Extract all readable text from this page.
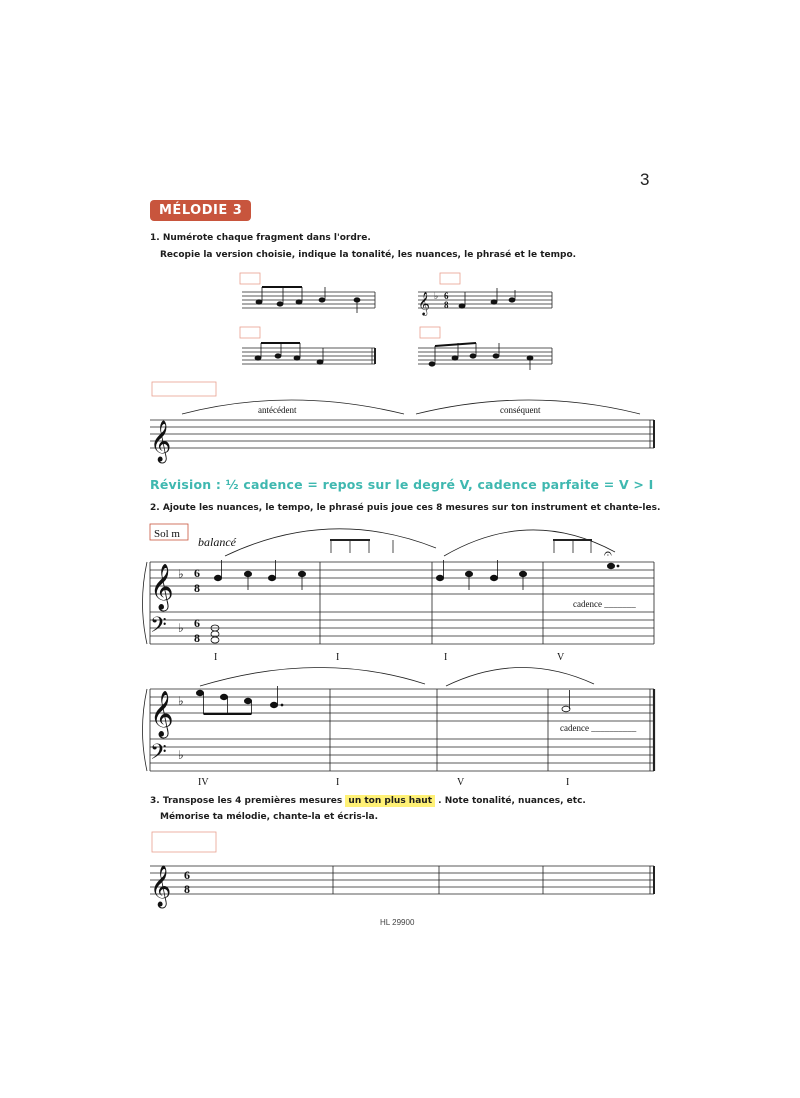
3
MÉLODIE 3
1. Numérote chaque fragment dans l'ordre.
Recopie la version choisie, indique la tonalité, les nuances, le phrasé et le tempo.
Révision : ½ cadence = repos sur le degré V, cadence parfaite = V > I
2. Ajoute les nuances, le tempo, le phrasé puis joue ces 8 mesures sur ton instrument et chante-les.
3. Transpose les 4 premières mesures un ton plus haut . Note tonalité, nuances, etc.
Mémorise ta mélodie, chante-la et écris-la.
HL 29900
𝄞 ♭ 6
8
𝄞
antécédent	conséquent
Sol m
balancé
𝄞 ♭ 6
8
𝄢 ♭ 6
8
𝄐
cadence _______
I	I	I	V
𝄞 ♭
𝄢 ♭
cadence __________
IV	I	V	I
𝄞 6
8
